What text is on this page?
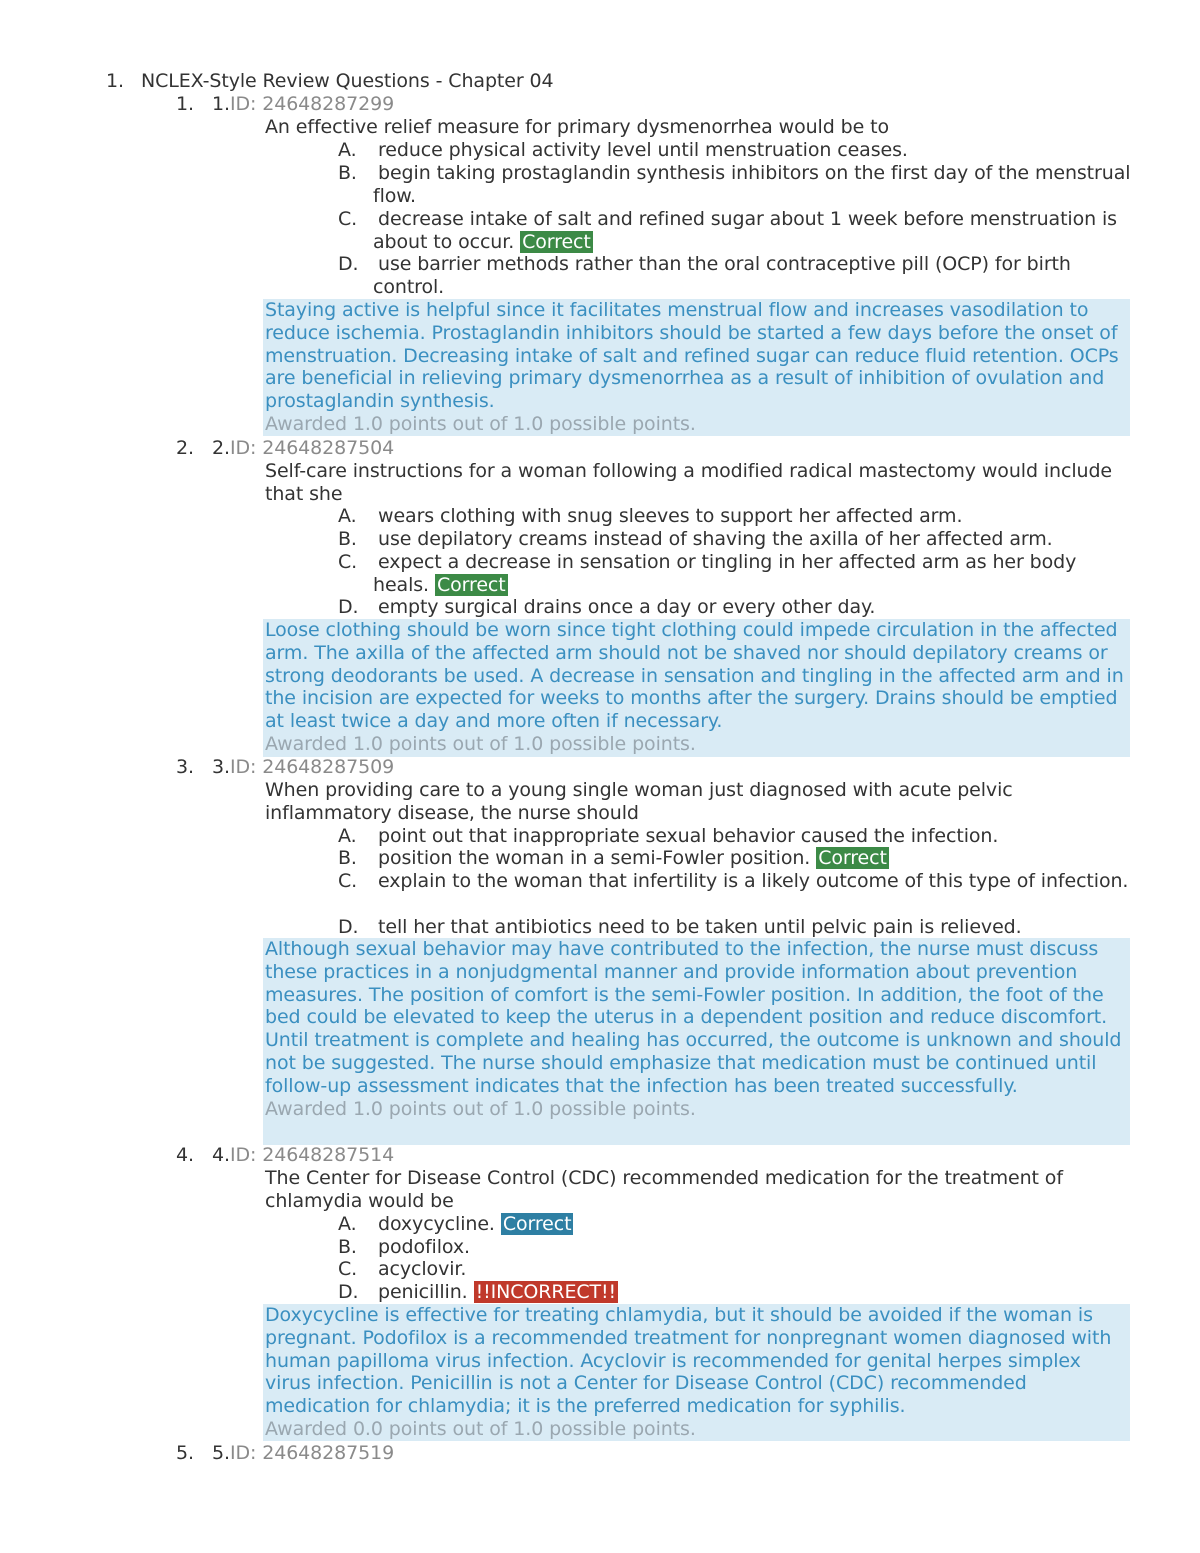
1. NCLEX-Style Review Questions - Chapter 04
1. 1.ID: 24648287299
An effective relief measure for primary dysmenorrhea would be to
A. reduce physical activity level until menstruation ceases.
B. begin taking prostaglandin synthesis inhibitors on the first day of the menstrual flow.
C. decrease intake of salt and refined sugar about 1 week before menstruation is about to occur. Correct
D. use barrier methods rather than the oral contraceptive pill (OCP) for birth control.
Staying active is helpful since it facilitates menstrual flow and increases vasodilation to reduce ischemia. Prostaglandin inhibitors should be started a few days before the onset of menstruation. Decreasing intake of salt and refined sugar can reduce fluid retention. OCPs are beneficial in relieving primary dysmenorrhea as a result of inhibition of ovulation and prostaglandin synthesis.
Awarded 1.0 points out of 1.0 possible points.
2. 2.ID: 24648287504
Self-care instructions for a woman following a modified radical mastectomy would include that she
A. wears clothing with snug sleeves to support her affected arm.
B. use depilatory creams instead of shaving the axilla of her affected arm.
C. expect a decrease in sensation or tingling in her affected arm as her body heals. Correct
D. empty surgical drains once a day or every other day.
Loose clothing should be worn since tight clothing could impede circulation in the affected arm. The axilla of the affected arm should not be shaved nor should depilatory creams or strong deodorants be used. A decrease in sensation and tingling in the affected arm and in the incision are expected for weeks to months after the surgery. Drains should be emptied at least twice a day and more often if necessary.
Awarded 1.0 points out of 1.0 possible points.
3. 3.ID: 24648287509
When providing care to a young single woman just diagnosed with acute pelvic inflammatory disease, the nurse should
A. point out that inappropriate sexual behavior caused the infection.
B. position the woman in a semi-Fowler position. Correct
C. explain to the woman that infertility is a likely outcome of this type of infection.
D. tell her that antibiotics need to be taken until pelvic pain is relieved.
Although sexual behavior may have contributed to the infection, the nurse must discuss these practices in a nonjudgmental manner and provide information about prevention measures. The position of comfort is the semi-Fowler position. In addition, the foot of the bed could be elevated to keep the uterus in a dependent position and reduce discomfort. Until treatment is complete and healing has occurred, the outcome is unknown and should not be suggested. The nurse should emphasize that medication must be continued until follow-up assessment indicates that the infection has been treated successfully.
Awarded 1.0 points out of 1.0 possible points.
4. 4.ID: 24648287514
The Center for Disease Control (CDC) recommended medication for the treatment of chlamydia would be
A. doxycycline. Correct
B. podofilox.
C. acyclovir.
D. penicillin. !!INCORRECT!!
Doxycycline is effective for treating chlamydia, but it should be avoided if the woman is pregnant. Podofilox is a recommended treatment for nonpregnant women diagnosed with human papilloma virus infection. Acyclovir is recommended for genital herpes simplex virus infection. Penicillin is not a Center for Disease Control (CDC) recommended medication for chlamydia; it is the preferred medication for syphilis.
Awarded 0.0 points out of 1.0 possible points.
5. 5.ID: 24648287519
